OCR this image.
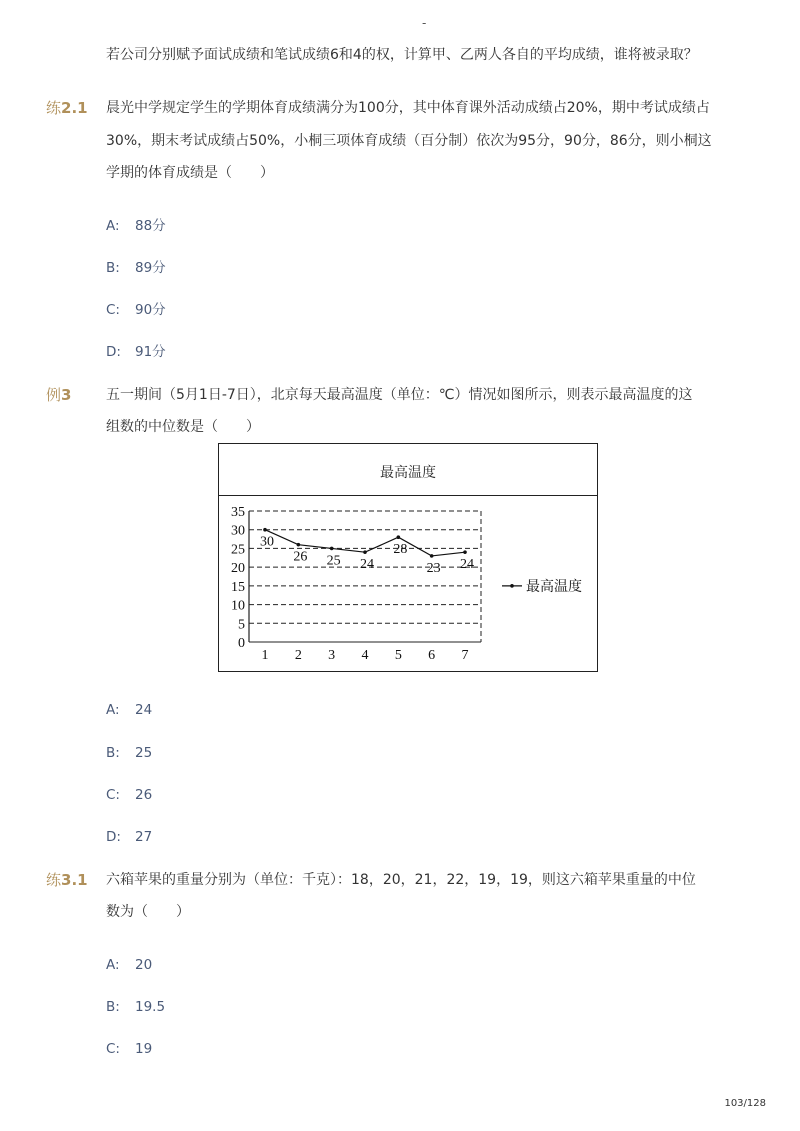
-
若公司分别赋予面试成绩和笔试成绩6和4的权，计算甲、乙两人各自的平均成绩，谁将被录取？
练2.1 晨光中学规定学生的学期体育成绩满分为100分，其中体育课外活动成绩占20%，期中考试成绩占
30%，期末考试成绩占50%，小桐三项体育成绩（百分制）依次为95分，90分，86分，则小桐这
学期的体育成绩是（　　）
A: 88分
B: 89分
C: 90分
D: 91分
例3 五一期间（5月1日-7日），北京每天最高温度（单位：℃）情况如图所示，则表示最高温度的这
组数的中位数是（　　）
最高温度
0
5
10
15
20
25
30
35
1 2 3 4 5 6 7
30
26 25 24
28
23 24
最高温度
A: 24
B: 25
C: 26
D: 27
练3.1 六箱苹果的重量分别为（单位：千克）：18，20，21，22，19，19，则这六箱苹果重量的中位
数为（　　）
A: 20
B: 19.5
C: 19
103/128
